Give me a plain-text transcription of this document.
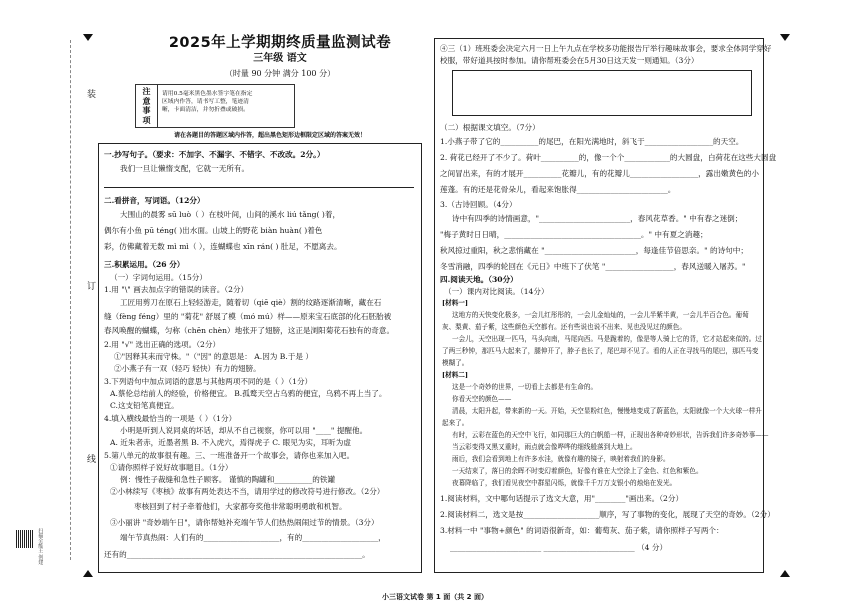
装
订
线
扫描全能王 创建
2025年上学期期终质量监测试卷
三年级 语文
（时量 90 分钟 满分 100 分）
注
意
事
项
请用0.5毫米黑色墨水签字笔在指定
区域内作答，请书写工整，笔迹清
晰，卡面清洁，并勿折叠或破损。
请在各题目的答题区域内作答，超出黑色矩形边框限定区域的答案无效！
一.抄写句子。（要求：不加字、不漏字、不错字、不改改。2分。）
我们一旦让懒惰支配，它就一无所有。
二.看拼音，写词语。（12分）
大围山的晨雾 sū luò（ ）在枝叶间，山间的溪水 liú tǎng( )着，
偶尔有小鱼 pū téng( )出水面。山坡上的野花 biàn huàn( )着色
彩，仿佛藏着无数 mì mì（ ），连蝴蝶也 xīn rán( ) 肚足，不愿离去。
三.积累运用。（26 分）
（一）字词句运用。（15分）
1.用 "\" 画去加点字的错误的读音。（2分）
工匠用剪刀在原石上轻轻游走，随着切（qiē qiè）割的纹路逐渐清晰，藏在石
缝（fèng féng）里的 "菊花" 舒展了模（mó mú）样——原来宝石底部的化石胚胎被
春风唤醒的蝴蝶，匀称（chēn chèn）地张开了翅膀，这正是浏阳菊花石独有的奇意。
2.用 "√" 选出正确的选项。（2分）
①"因释其耒而守株。"（"因" 的意思是： A.因为 B.于是 ）
②小燕子有一双（轻巧 轻快）有力的翅膀。
3.下列语句中加点词语的意思与其他两项不同的是（ ）（1分）
A.蔡伦总结前人的经验，价格便宜。 B.孤鹜天空占乌鸦的便宜，乌鸦不再上当了。
C.这支铅笔真便宜。
4.填入横线最恰当的一项是（ ）（1分）
小明是听到人说同桌的坏话，却从不自己视察，你可以用 "____" 提醒他。
A. 近朱者赤，近墨者黑 B. 不入虎穴，焉得虎子 C. 眼见为实，耳听为虚
5.第八单元的故事很有趣。三、一班准备开一个故事会，请你也来加入吧。
①请你照样子说好故事题目。（1分）
例：慢性子裁缝和急性子顾客。 谨慎的陶罐和__________的铁罐
②小林续写《枣核》故事有两处表达不当，请用学过的修改符号进行修改。（2分）
枣核回到了村子牵着他们，大家都夸奖他非常聪明勇敢和机智。
③小丽讲 "奇妙端午日"，请你帮她补充端午节人们热热闹闹过节的情景。（3分）
端午节真热闹：人们有的____________________，有的____________________，
还有的______________________________________________________________。
④三（1）班班委会决定六月一日上午九点在学校多功能报告厅举行趣味故事会，要求全体同学穿好
校服，带好道具按时参加。请你帮班委会在5月30日这天发一则通知。（3分）
（二）根据课文填空。（7分）
1.小燕子带了它的__________的尾巴，在阳光满地时，斜飞于__________________的天空。
2. 荷花已经开了不少了。荷叶__________的，像一个个____________的大圆盘，白荷花在这些大圆盘
之间冒出来，有的才展开__________花瓣儿，有的花瓣儿__________________，露出嫩黄色的小
莲蓬。有的还是花骨朵儿，看起来饱胀得________________________。
3.（古诗回顾。（4分）
诗中有四季的诗情画意，"________________________，春风花草香。" 中有春之迷倒；
"梅子黄时日日晴，____________________________________。" 中有夏之消趣；
秋风掠过重阳，秋之悲悄藏在 "________________________，每逢佳节倍思亲。" 的诗句中；
冬雪消融，四季的轮回在《元日》中班下了伏笔 "__________________，春风送暖入屠苏。"
四.阅读天地。（30分）
（一）课内对比阅读。（14分）
[材料一]
这地方的天快变化极多，一会儿红彤彤的，一会儿金灿灿的，一会儿半紫半黄，一会儿半百合色。葡萄
灰、梨黄、茄子紫，这些颜色天空都有。还有些说也说不出来、见也没见过的颜色。
一会儿，天空出现一匹马，马头向南，马尾向西。马是跪着的，像是等人骑上它的背，它才站起来似的。过
了两三秒钟，那匹马大起来了，腿伸开了，脖子也长了，尾巴却不见了。看的人正在寻找马的尾巴，那匹马变
模糊了。
[材料二]
这是一个奇妙的世界，一切看上去都是有生命的。
你看天空的颜色——
清晨，太阳升起，带来新的一天。开始，天空显粉红色，慢慢地变成了蔚蓝色，太阳就像一个大火球一样升
起来了。
有时，云彩在蓝色的天空中飞行，如同那巨大的白帆船一样，正现出各种奇妙形状，告诉我们许多奇妙事——
当云彩变得又黑又重时，雨点就会像哗哗的细线般落到大地上。
雨后，我们会看到地上有许多水洼，就像有趣的镜子，映射着我们的身影。
一天结束了，落日的余晖不时变幻着颜色，好像有谁在大空涂上了金色、红色和紫色。
夜幕降临了，我们看见夜空中群星闪烁，就像千千万万支银小的烛焰在发光。
1.阅读材料，文中哪句话提示了选文大意，用"________"画出来。（2分）
2.阅读材料二，选文是按____________________顺序，写了事物的变化，展现了天空的奇妙。（2分）
3.材料一中 "事物+颜色" 的词语很新奇，如：葡萄灰、茄子紫，请你照样子写两个：
________________________ ________________________ （4 分）
小三语文试卷 第 1 面（共 2 面）
